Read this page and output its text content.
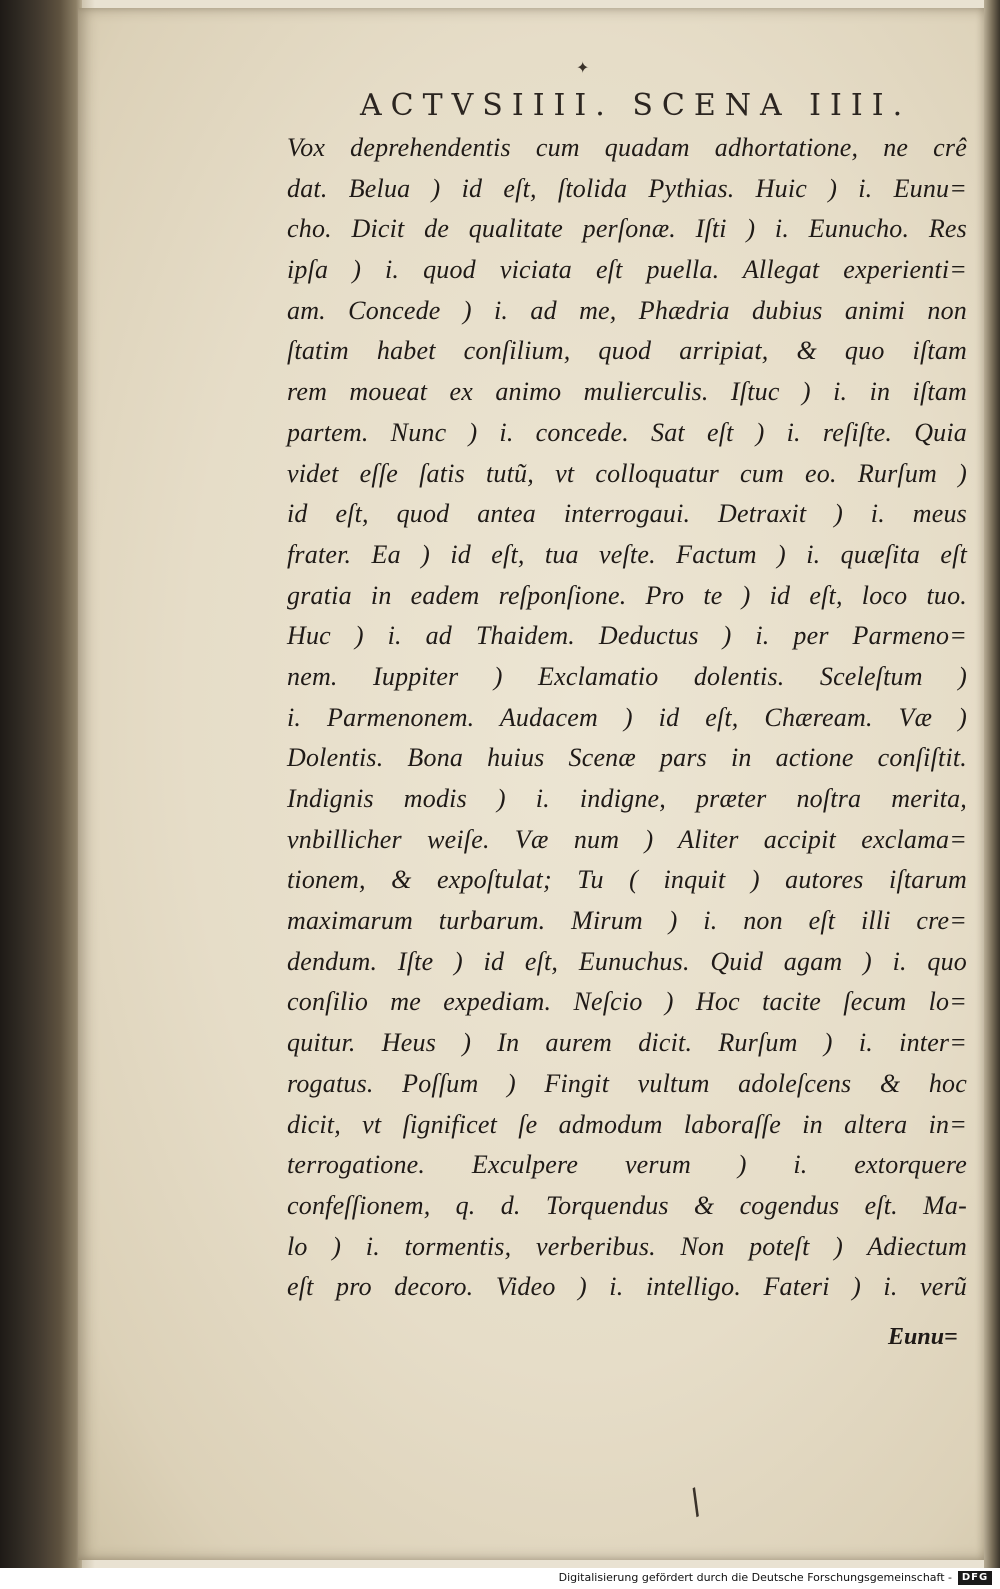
✦
/
ACTVSIIII. SCENA IIII.
Vox deprehendentis cum quadam adhortatione, ne crê
dat. Belua ) id eſt, ſtolida Pythias. Huic ) i. Eunu=
cho. Dicit de qualitate perſonæ. Iſti ) i. Eunucho. Res
ipſa ) i. quod viciata eſt puella. Allegat experienti=
am. Concede ) i. ad me, Phædria dubius animi non
ſtatim habet conſilium, quod arripiat, & quo iſtam
rem moueat ex animo mulierculis. Iſtuc ) i. in iſtam
partem. Nunc ) i. concede. Sat eſt ) i. reſiſte. Quia
videt eſſe ſatis tutũ, vt colloquatur cum eo. Rurſum )
id eſt, quod antea interrogaui. Detraxit ) i. meus
frater. Ea ) id eſt, tua veſte. Factum ) i. quæſita eſt
gratia in eadem reſponſione. Pro te ) id eſt, loco tuo.
Huc ) i. ad Thaidem. Deductus ) i. per Parmeno=
nem. Iuppiter ) Exclamatio dolentis. Sceleſtum )
i. Parmenonem. Audacem ) id eſt, Chæream. Væ )
Dolentis. Bona huius Scenæ pars in actione conſiſtit.
Indignis modis ) i. indigne, præter noſtra merita,
vnbillicher weiſe. Væ num ) Aliter accipit exclama=
tionem, & expoſtulat; Tu ( inquit ) autores iſtarum
maximarum turbarum. Mirum ) i. non eſt illi cre=
dendum. Iſte ) id eſt, Eunuchus. Quid agam ) i. quo
conſilio me expediam. Neſcio ) Hoc tacite ſecum lo=
quitur. Heus ) In aurem dicit. Rurſum ) i. inter=
rogatus. Poſſum ) Fingit vultum adoleſcens & hoc
dicit, vt ſignificet ſe admodum laboraſſe in altera in=
terrogatione. Exculpere verum ) i. extorquere
confeſſionem, q. d. Torquendus & cogendus eſt. Ma-
lo ) i. tormentis, verberibus. Non poteſt ) Adiectum
eſt pro decoro. Video ) i. intelligo. Fateri ) i. verũ
Eunu=
Digitalisierung gefördert durch die Deutsche Forschungsgemeinschaft - DFG
